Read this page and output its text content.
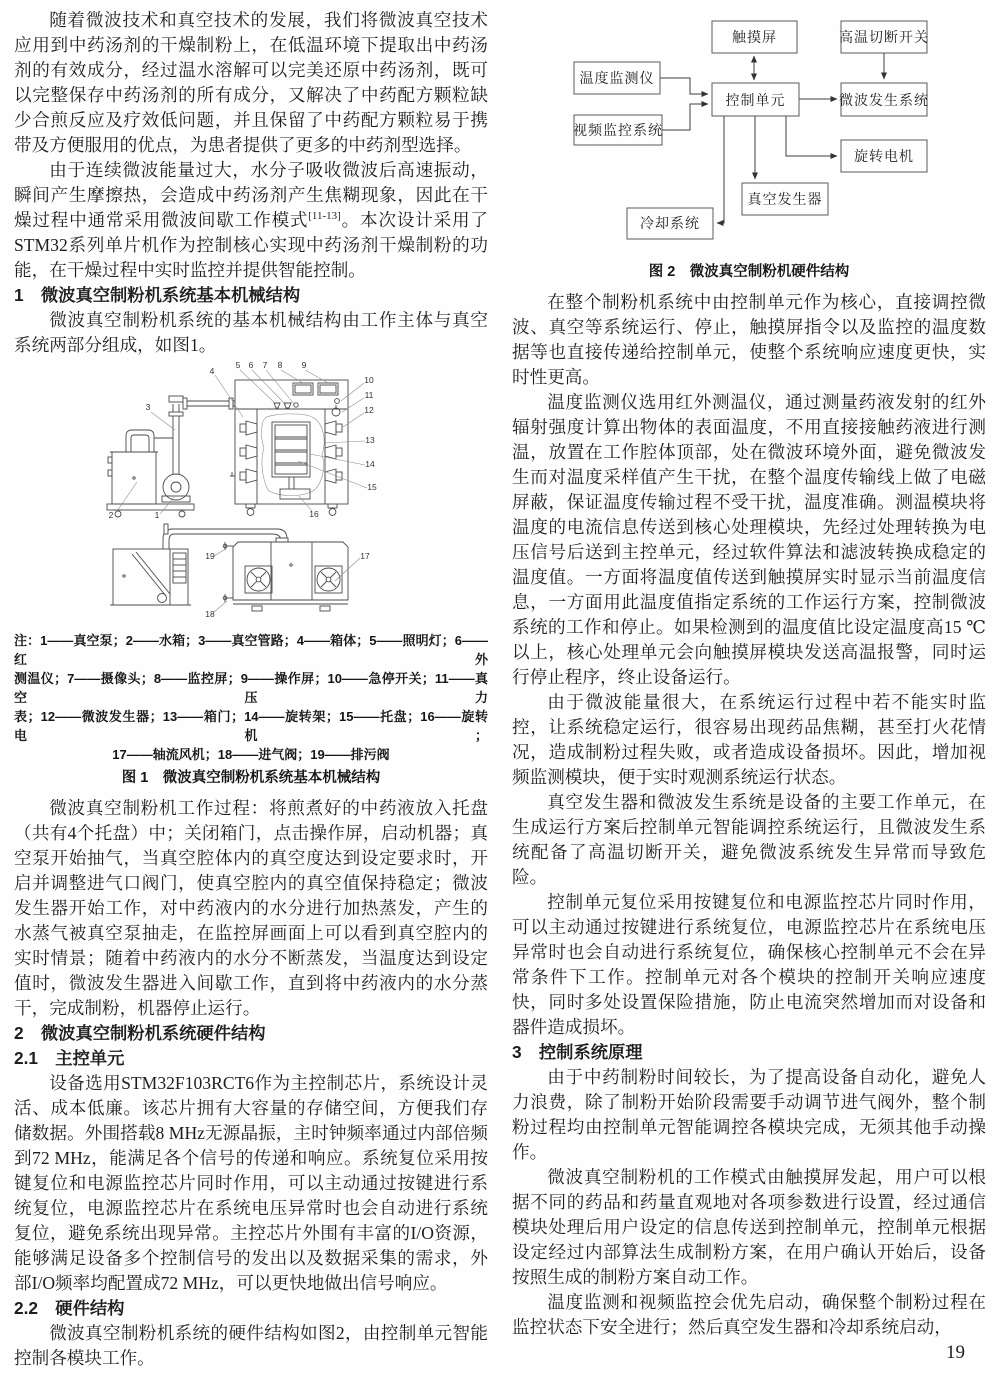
随着微波技术和真空技术的发展，我们将微波真空技术应用到中药汤剂的干燥制粉上，在低温环境下提取出中药汤剂的有效成分，经过温水溶解可以完美还原中药汤剂，既可以完整保存中药汤剂的所有成分，又解决了中药配方颗粒缺少合煎反应及疗效低问题，并且保留了中药配方颗粒易于携带及方便服用的优点，为患者提供了更多的中药剂型选择。

由于连续微波能量过大，水分子吸收微波后高速振动，瞬间产生摩擦热，会造成中药汤剂产生焦糊现象，因此在干燥过程中通常采用微波间歇工作模式[11-13]。本次设计采用了STM32系列单片机作为控制核心实现中药汤剂干燥制粉的功能，在干燥过程中实时监控并提供智能控制。

1　微波真空制粉机系统基本机械结构

微波真空制粉机系统的基本机械结构由工作主体与真空系统两部分组成，如图1。

1
2
3
4
5 6 7 8 9
10
11
12
13
14
15
16
17
18
19
注：1——真空泵；2——水箱；3——真空管路；4——箱体；5——照明灯；6——红外
测温仪；7——摄像头；8——监控屏；9——操作屏；10——急停开关；11——真空压力
表；12——微波发生器；13——箱门；14——旋转架；15——托盘；16——旋转电机；
17——轴流风机；18——进气阀；19——排污阀
图 1　微波真空制粉机系统基本机械结构

微波真空制粉机工作过程：将煎煮好的中药液放入托盘（共有4个托盘）中；关闭箱门，点击操作屏，启动机器；真空泵开始抽气，当真空腔体内的真空度达到设定要求时，开启并调整进气口阀门，使真空腔内的真空值保持稳定；微波发生器开始工作，对中药液内的水分进行加热蒸发，产生的水蒸气被真空泵抽走，在监控屏画面上可以看到真空腔内的实时情景；随着中药液内的水分不断蒸发，当温度达到设定值时，微波发生器进入间歇工作，直到将中药液内的水分蒸干，完成制粉，机器停止运行。

2　微波真空制粉机系统硬件结构
2.1　主控单元

设备选用STM32F103RCT6作为主控制芯片，系统设计灵活、成本低廉。该芯片拥有大容量的存储空间，方便我们存储数据。外围搭载8 MHz无源晶振，主时钟频率通过内部倍频到72 MHz，能满足各个信号的传递和响应。系统复位采用按键复位和电源监控芯片同时作用，可以主动通过按键进行系统复位，电源监控芯片在系统电压异常时也会自动进行系统复位，避免系统出现异常。主控芯片外围有丰富的I/O资源，能够满足设备多个控制信号的发出以及数据采集的需求，外部I/O频率均配置成72 MHz，可以更快地做出信号响应。

2.2　硬件结构

微波真空制粉机系统的硬件结构如图2，由控制单元智能控制各模块工作。

触摸屏	高温切断开关
温度监测仪
控制单元	微波发生系统
视频监控系统
旋转电机
真空发生器
冷却系统
图 2　微波真空制粉机硬件结构

在整个制粉机系统中由控制单元作为核心，直接调控微波、真空等系统运行、停止，触摸屏指令以及监控的温度数据等也直接传递给控制单元，使整个系统响应速度更快，实时性更高。

温度监测仪选用红外测温仪，通过测量药液发射的红外辐射强度计算出物体的表面温度，不用直接接触药液进行测温，放置在工作腔体顶部，处在微波环境外面，避免微波发生而对温度采样值产生干扰，在整个温度传输线上做了电磁屏蔽，保证温度传输过程不受干扰，温度准确。测温模块将温度的电流信息传送到核心处理模块，先经过处理转换为电压信号后送到主控单元，经过软件算法和滤波转换成稳定的温度值。一方面将温度值传送到触摸屏实时显示当前温度信息，一方面用此温度值指定系统的工作运行方案，控制微波系统的工作和停止。如果检测到的温度值比设定温度高15 ℃以上，核心处理单元会向触摸屏模块发送高温报警，同时运行停止程序，终止设备运行。

由于微波能量很大，在系统运行过程中若不能实时监控，让系统稳定运行，很容易出现药品焦糊，甚至打火花情况，造成制粉过程失败，或者造成设备损坏。因此，增加视频监测模块，便于实时观测系统运行状态。

真空发生器和微波发生系统是设备的主要工作单元，在生成运行方案后控制单元智能调控系统运行，且微波发生系统配备了高温切断开关，避免微波系统发生异常而导致危险。

控制单元复位采用按键复位和电源监控芯片同时作用，可以主动通过按键进行系统复位，电源监控芯片在系统电压异常时也会自动进行系统复位，确保核心控制单元不会在异常条件下工作。控制单元对各个模块的控制开关响应速度快，同时多处设置保险措施，防止电流突然增加而对设备和器件造成损坏。

3　控制系统原理

由于中药制粉时间较长，为了提高设备自动化，避免人力浪费，除了制粉开始阶段需要手动调节进气阀外，整个制粉过程均由控制单元智能调控各模块完成，无须其他手动操作。

微波真空制粉机的工作模式由触摸屏发起，用户可以根据不同的药品和药量直观地对各项参数进行设置，经过通信模块处理后用户设定的信息传送到控制单元，控制单元根据设定经过内部算法生成制粉方案，在用户确认开始后，设备按照生成的制粉方案自动工作。

温度监测和视频监控会优先启动，确保整个制粉过程在监控状态下安全进行；然后真空发生器和冷却系统启动，

19
